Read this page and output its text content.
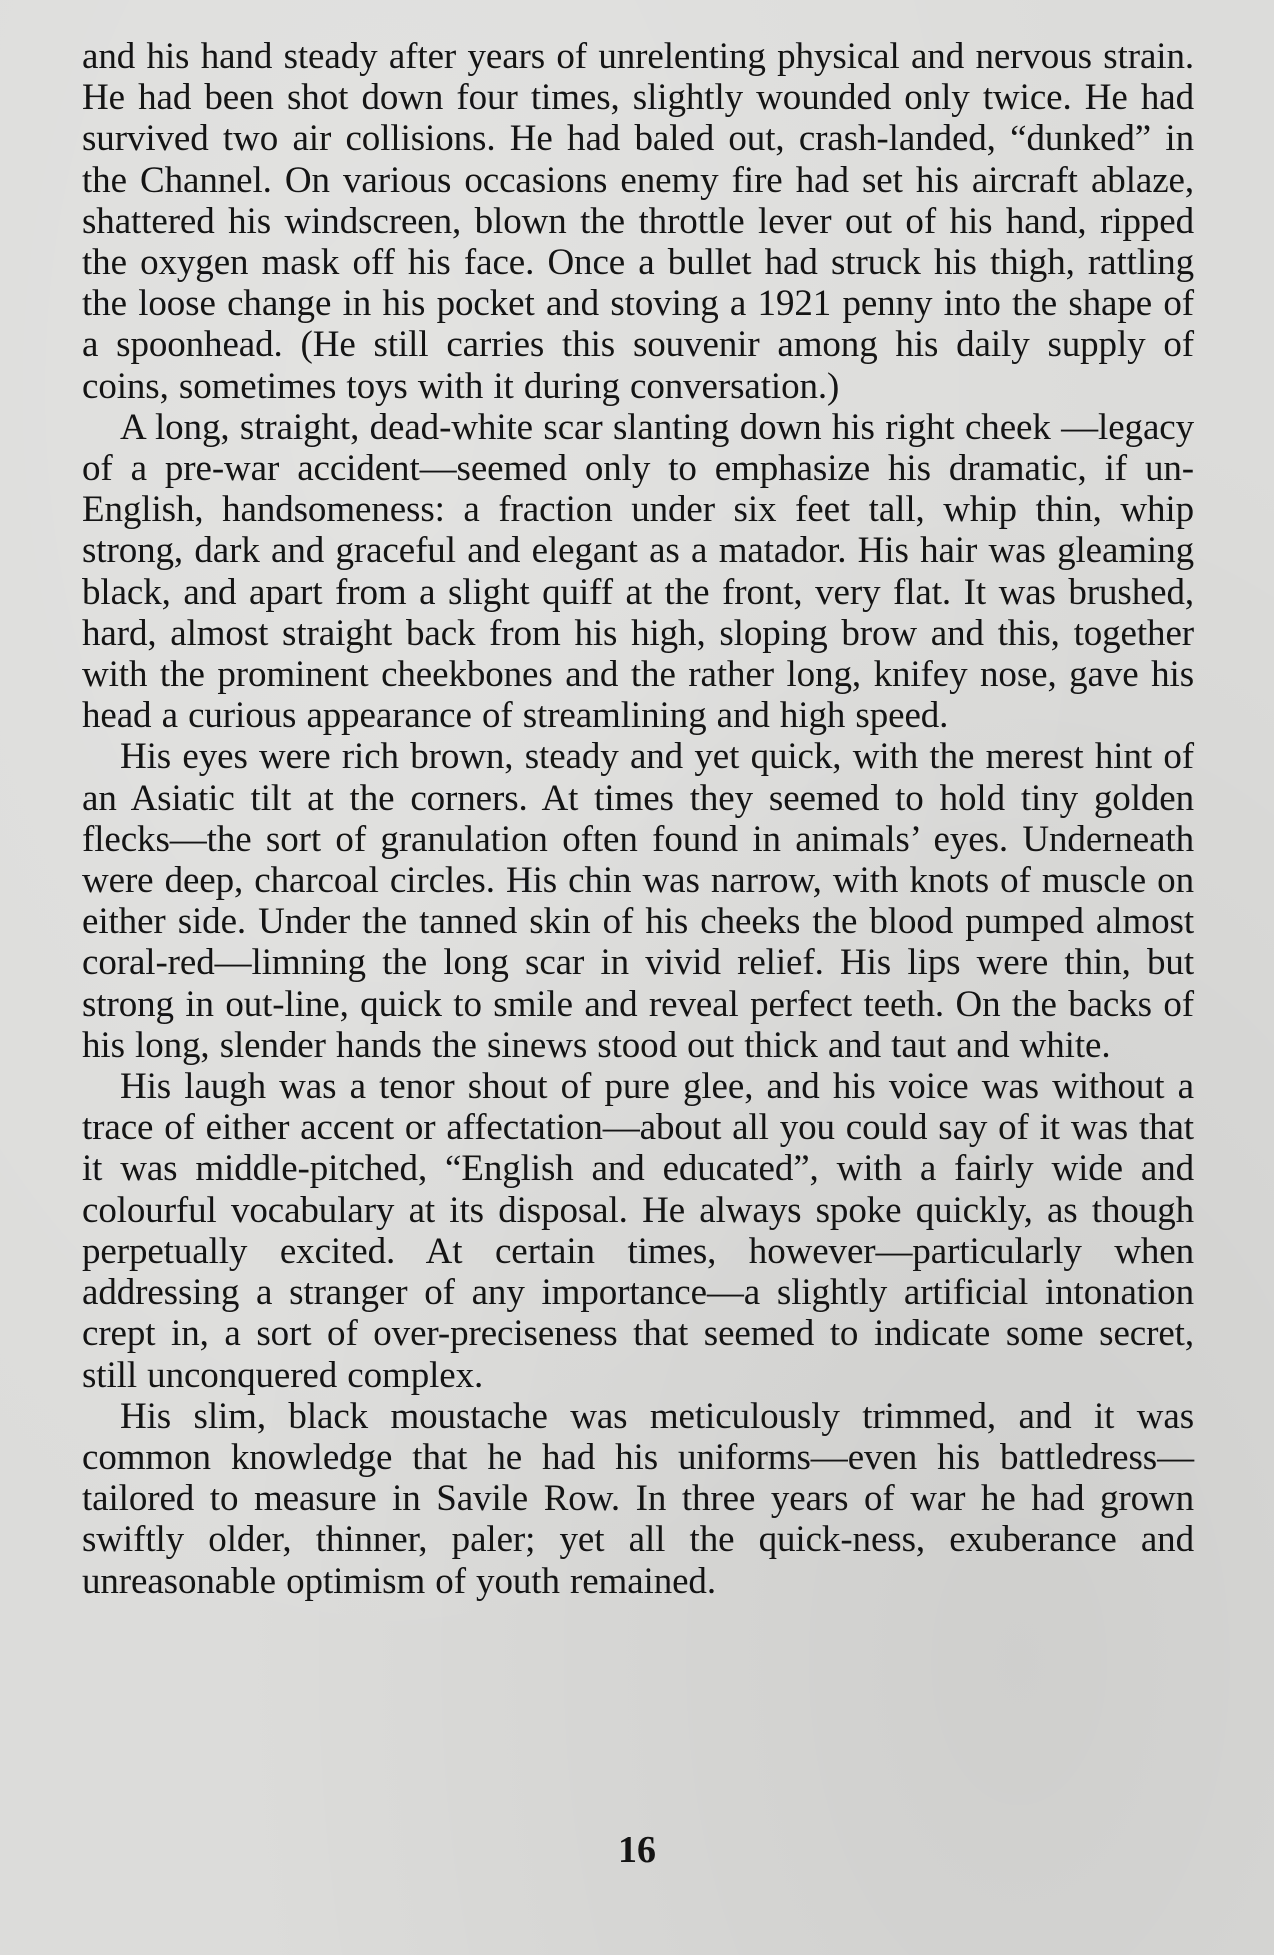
and his hand steady after years of unrelenting physical and nervous strain. He had been shot down four times, slightly wounded only twice. He had survived two air collisions. He had baled out, crash-landed, “dunked” in the Channel. On various occasions enemy fire had set his aircraft ablaze, shattered his windscreen, blown the throttle lever out of his hand, ripped the oxygen mask off his face. Once a bullet had struck his thigh, rattling the loose change in his pocket and stoving a 1921 penny into the shape of a spoonhead. (He still carries this souvenir among his daily supply of coins, sometimes toys with it during conversation.)

A long, straight, dead-white scar slanting down his right cheek —legacy of a pre-war accident—seemed only to emphasize his dramatic, if un-English, handsomeness: a fraction under six feet tall, whip thin, whip strong, dark and graceful and elegant as a matador. His hair was gleaming black, and apart from a slight quiff at the front, very flat. It was brushed, hard, almost straight back from his high, sloping brow and this, together with the prominent cheekbones and the rather long, knifey nose, gave his head a curious appearance of streamlining and high speed.

His eyes were rich brown, steady and yet quick, with the merest hint of an Asiatic tilt at the corners. At times they seemed to hold tiny golden flecks—the sort of granulation often found in animals’ eyes. Underneath were deep, charcoal circles. His chin was narrow, with knots of muscle on either side. Under the tanned skin of his cheeks the blood pumped almost coral-red—limning the long scar in vivid relief. His lips were thin, but strong in out-line, quick to smile and reveal perfect teeth. On the backs of his long, slender hands the sinews stood out thick and taut and white.

His laugh was a tenor shout of pure glee, and his voice was without a trace of either accent or affectation—about all you could say of it was that it was middle-pitched, “English and educated”, with a fairly wide and colourful vocabulary at its disposal. He always spoke quickly, as though perpetually excited. At certain times, however—particularly when addressing a stranger of any importance—a slightly artificial intonation crept in, a sort of over-preciseness that seemed to indicate some secret, still unconquered complex.

His slim, black moustache was meticulously trimmed, and it was common knowledge that he had his uniforms—even his battledress—tailored to measure in Savile Row. In three years of war he had grown swiftly older, thinner, paler; yet all the quick-ness, exuberance and unreasonable optimism of youth remained.

16
